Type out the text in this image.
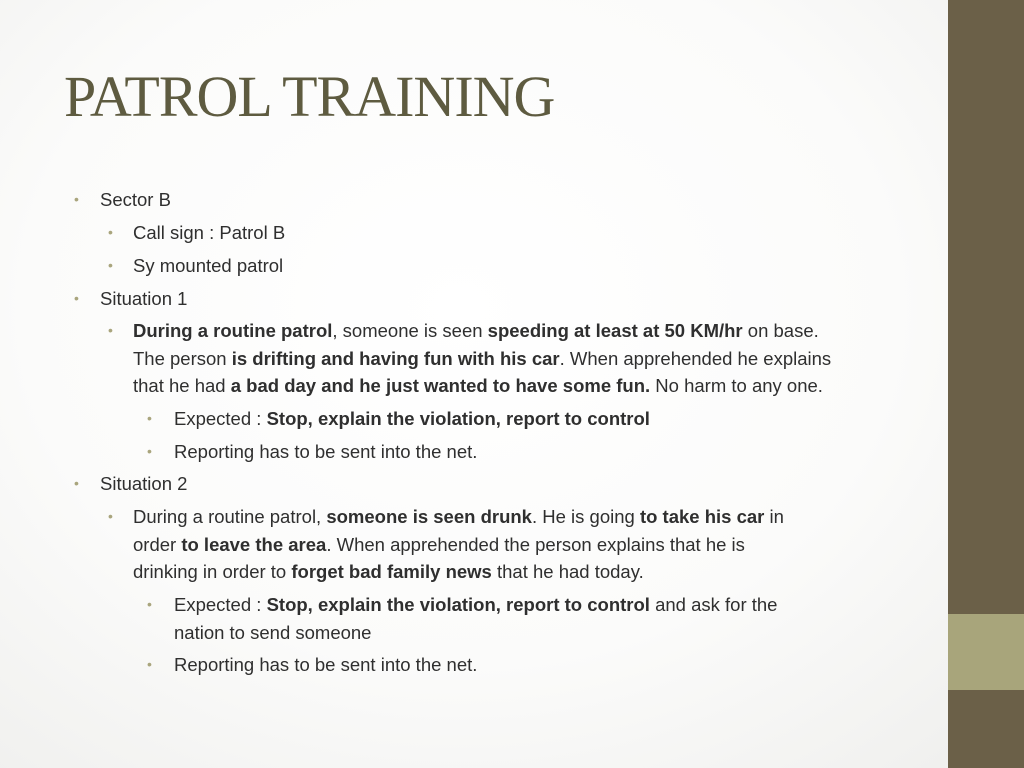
PATROL TRAINING
• Sector B
• Call sign : Patrol B
• Sy mounted patrol
• Situation 1
• During a routine patrol, someone is seen speeding at least at 50 KM/hr on base.
The person is drifting and having fun with his car. When apprehended he explains
that he had a bad day and he just wanted to have some fun. No harm to any one.
• Expected : Stop, explain the violation, report to control
• Reporting has to be sent into the net.
• Situation 2
• During a routine patrol, someone is seen drunk. He is going to take his car in
order to leave the area. When apprehended the person explains that he is
drinking in order to forget bad family news that he had today.
• Expected : Stop, explain the violation, report to control and ask for the
nation to send someone
• Reporting has to be sent into the net.
